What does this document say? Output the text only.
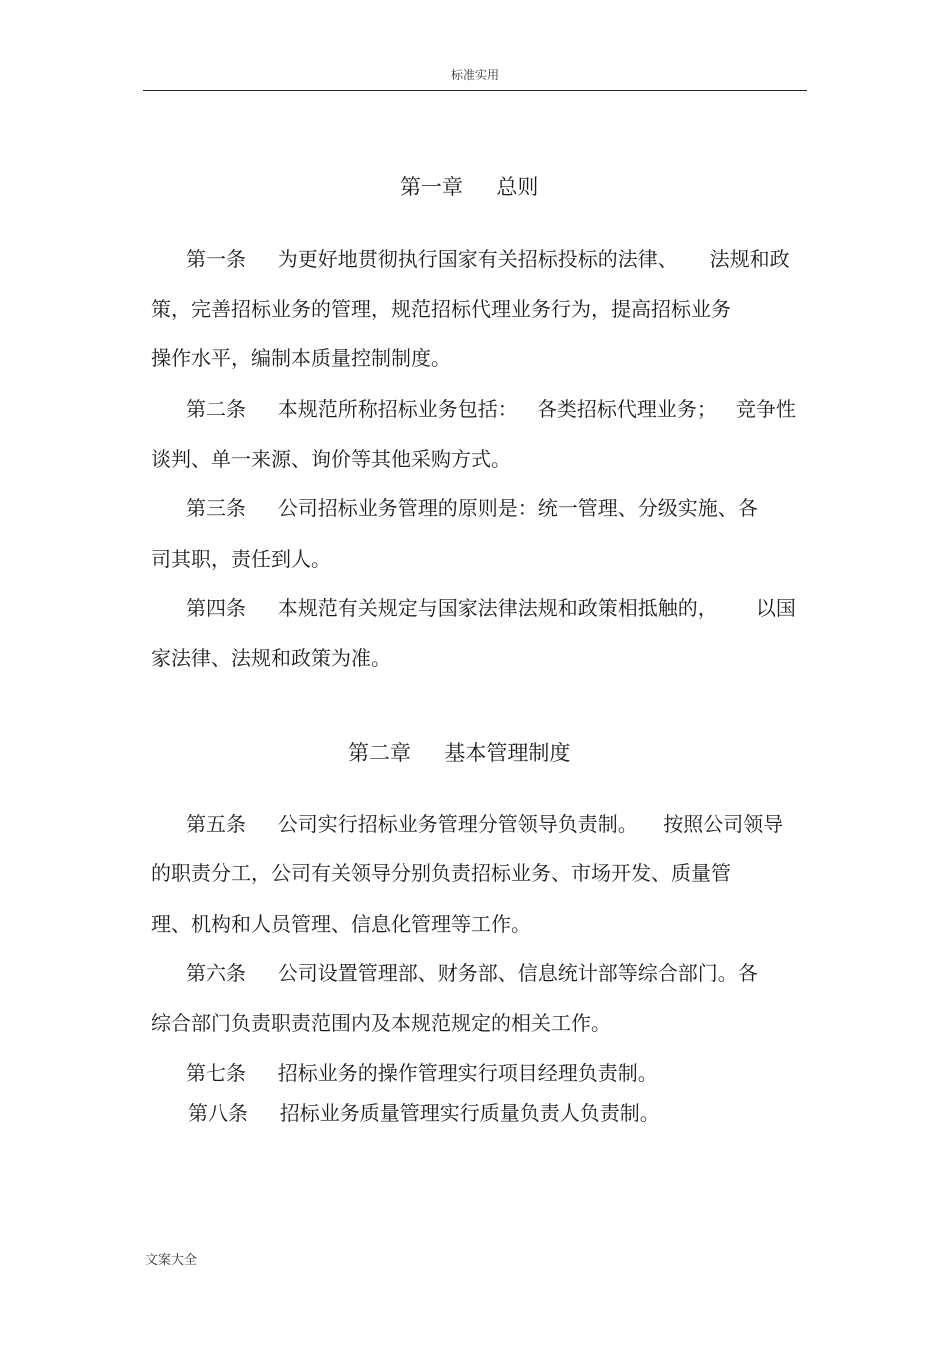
标准实用
第一章     总则
第一条     为更好地贯彻执行国家有关招标投标的法律、     法规和政
策，完善招标业务的管理，规范招标代理业务行为，提高招标业务
操作水平，编制本质量控制制度。
第二条     本规范所称招标业务包括：   各类招标代理业务；   竞争性
谈判、单一来源、询价等其他采购方式。
第三条     公司招标业务管理的原则是：统一管理、分级实施、各
司其职，责任到人。
第四条     本规范有关规定与国家法律法规和政策相抵触的，      以国
家法律、法规和政策为准。
第二章     基本管理制度
第五条     公司实行招标业务管理分管领导负责制。    按照公司领导
的职责分工，公司有关领导分别负责招标业务、市场开发、质量管
理、机构和人员管理、信息化管理等工作。
第六条     公司设置管理部、财务部、信息统计部等综合部门。各
综合部门负责职责范围内及本规范规定的相关工作。
第七条     招标业务的操作管理实行项目经理负责制。
第八条     招标业务质量管理实行质量负责人负责制。
文案大全
